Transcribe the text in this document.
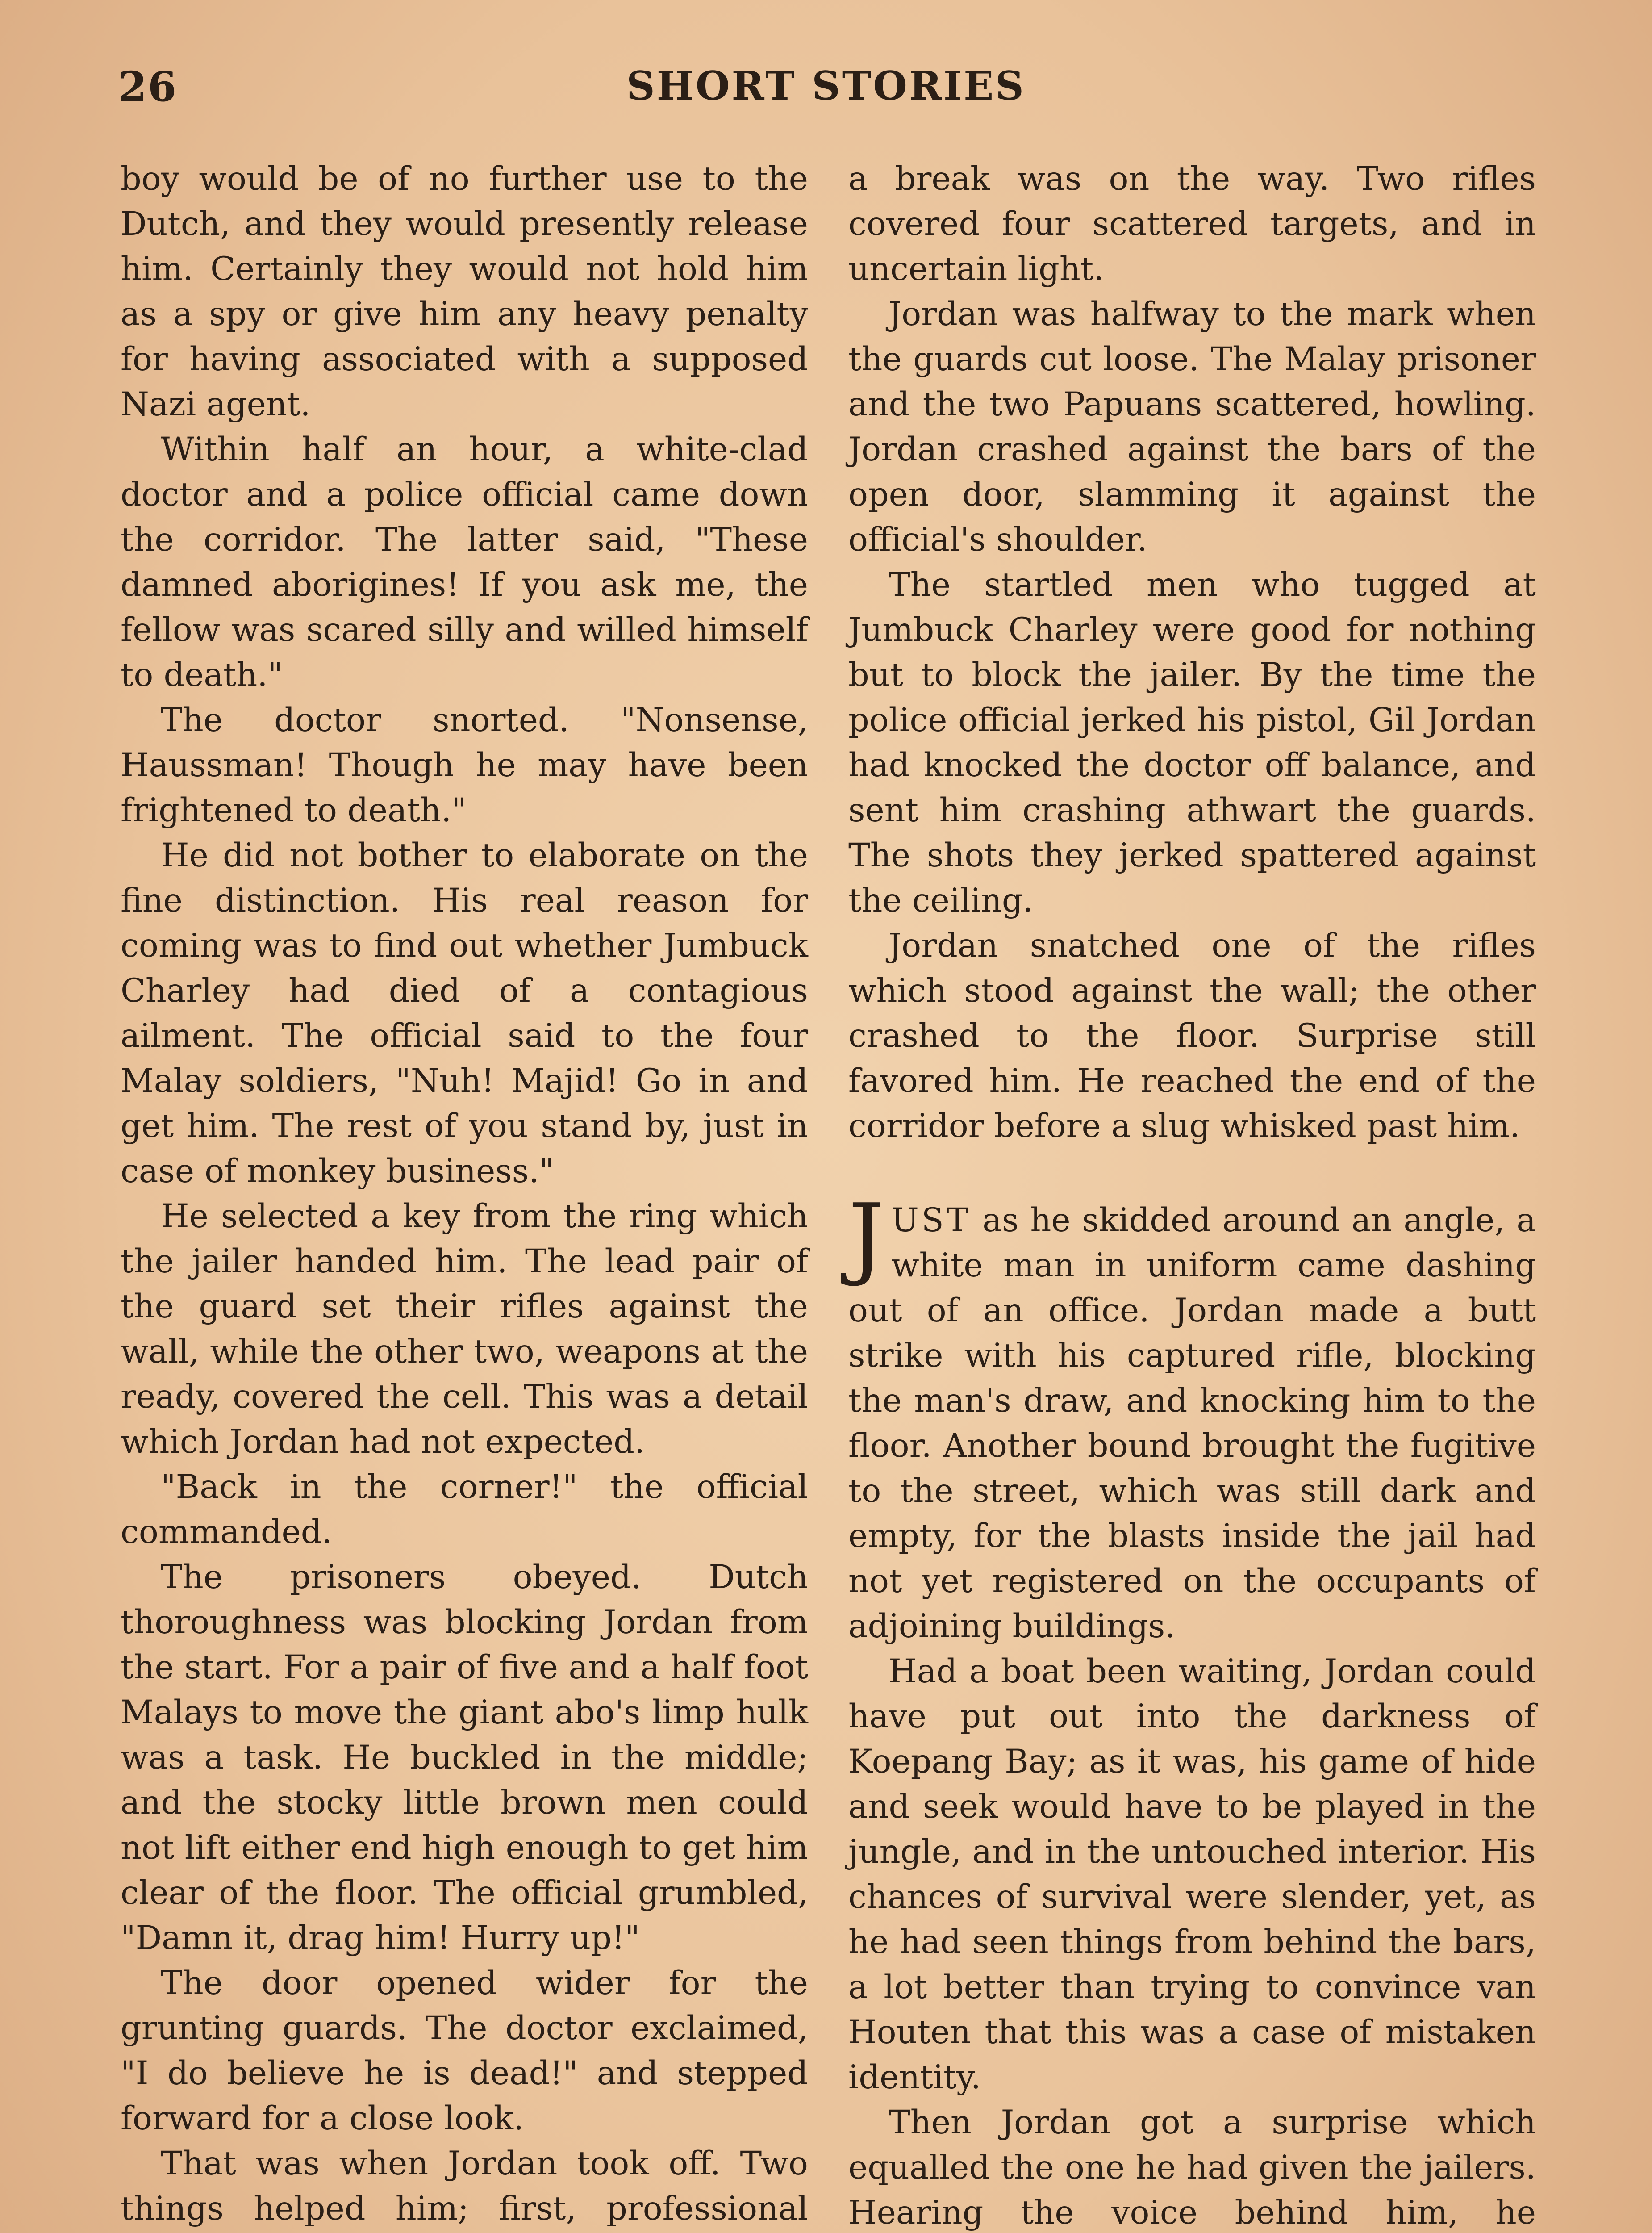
26	SHORT STORIES

boy would be of no further use to the Dutch, and they would presently release him. Certainly they would not hold him as a spy or give him any heavy penalty for having associated with a supposed Nazi agent.

Within half an hour, a white-clad doctor and a police official came down the corridor. The latter said, "These damned aborigines! If you ask me, the fellow was scared silly and willed himself to death."

The doctor snorted. "Nonsense, Haussman! Though he may have been frightened to death."

He did not bother to elaborate on the fine distinction. His real reason for coming was to find out whether Jumbuck Charley had died of a contagious ailment. The official said to the four Malay soldiers, "Nuh! Majid! Go in and get him. The rest of you stand by, just in case of monkey business."

He selected a key from the ring which the jailer handed him. The lead pair of the guard set their rifles against the wall, while the other two, weapons at the ready, covered the cell. This was a detail which Jordan had not expected.

"Back in the corner!" the official commanded.

The prisoners obeyed. Dutch thoroughness was blocking Jordan from the start. For a pair of five and a half foot Malays to move the giant abo's limp hulk was a task. He buckled in the middle; and the stocky little brown men could not lift either end high enough to get him clear of the floor. The official grumbled, "Damn it, drag him! Hurry up!"

The door opened wider for the grunting guards. The doctor exclaimed, "I do believe he is dead!" and stepped forward for a close look.

That was when Jordan took off. Two things helped him; first, professional

a break was on the way. Two rifles covered four scattered targets, and in uncertain light.

Jordan was halfway to the mark when the guards cut loose. The Malay prisoner and the two Papuans scattered, howling. Jordan crashed against the bars of the open door, slamming it against the official's shoulder.

The startled men who tugged at Jumbuck Charley were good for nothing but to block the jailer. By the time the police official jerked his pistol, Gil Jordan had knocked the doctor off balance, and sent him crashing athwart the guards. The shots they jerked spattered against the ceiling.

Jordan snatched one of the rifles which stood against the wall; the other crashed to the floor. Surprise still favored him. He reached the end of the corridor before a slug whisked past him.

JUST as he skidded around an angle, a white man in uniform came dashing out of an office. Jordan made a butt strike with his captured rifle, blocking the man's draw, and knocking him to the floor. Another bound brought the fugitive to the street, which was still dark and empty, for the blasts inside the jail had not yet registered on the occupants of adjoining buildings.

Had a boat been waiting, Jordan could have put out into the darkness of Koepang Bay; as it was, his game of hide and seek would have to be played in the jungle, and in the untouched interior. His chances of survival were slender, yet, as he had seen things from behind the bars, a lot better than trying to convince van Houten that this was a case of mistaken identity.

Then Jordan got a surprise which equalled the one he had given the jailers. Hearing the voice behind him, he
